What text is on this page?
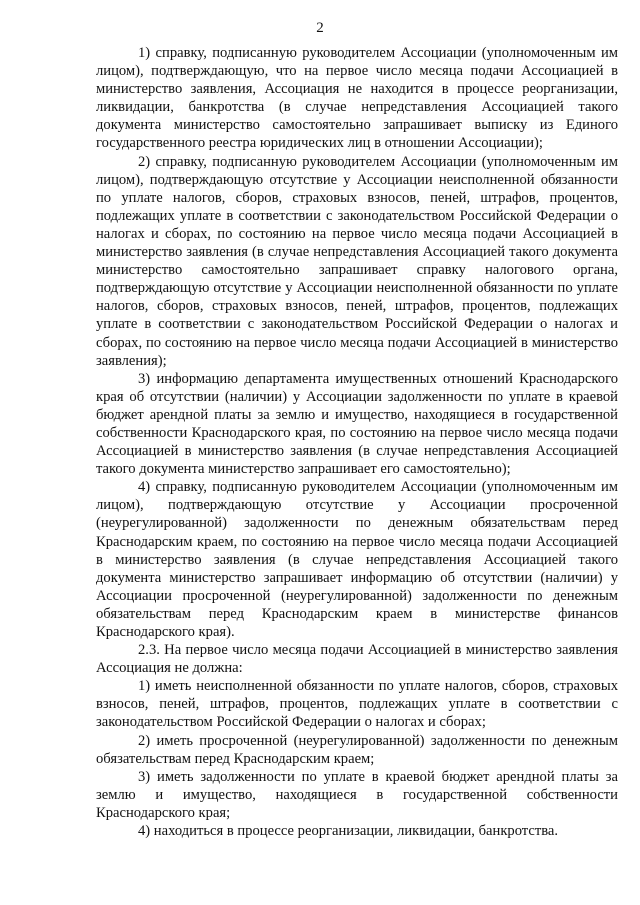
2

1) справку, подписанную руководителем Ассоциации (уполномоченным им лицом), подтверждающую, что на первое число месяца подачи Ассоциацией в министерство заявления, Ассоциация не находится в процессе реорганизации, ликвидации, банкротства (в случае непредставления Ассоциацией такого документа министерство самостоятельно запрашивает выписку из Единого государственного реестра юридических лиц в отношении Ассоциации);

2) справку, подписанную руководителем Ассоциации (уполномоченным им лицом), подтверждающую отсутствие у Ассоциации неисполненной обязанности по уплате налогов, сборов, страховых взносов, пеней, штрафов, процентов, подлежащих уплате в соответствии с законодательством Российской Федерации о налогах и сборах, по состоянию на первое число месяца подачи Ассоциацией в министерство заявления (в случае непредставления Ассоциацией такого документа министерство самостоятельно запрашивает справку налогового органа, подтверждающую отсутствие у Ассоциации неисполненной обязанности по уплате налогов, сборов, страховых взносов, пеней, штрафов, процентов, подлежащих уплате в соответствии с законодательством Российской Федерации о налогах и сборах, по состоянию на первое число месяца подачи Ассоциацией в министерство заявления);

3) информацию департамента имущественных отношений Краснодарского края об отсутствии (наличии) у Ассоциации задолженности по уплате в краевой бюджет арендной платы за землю и имущество, находящиеся в государственной собственности Краснодарского края, по состоянию на первое число месяца подачи Ассоциацией в министерство заявления (в случае непредставления Ассоциацией такого документа министерство запрашивает его самостоятельно);

4) справку, подписанную руководителем Ассоциации (уполномоченным им лицом), подтверждающую отсутствие у Ассоциации просроченной (неурегулированной) задолженности по денежным обязательствам перед Краснодарским краем, по состоянию на первое число месяца подачи Ассоциацией в министерство заявления (в случае непредставления Ассоциацией такого документа министерство запрашивает информацию об отсутствии (наличии) у Ассоциации просроченной (неурегулированной) задолженности по денежным обязательствам перед Краснодарским краем в министерстве финансов Краснодарского края).

2.3. На первое число месяца подачи Ассоциацией в министерство заявления Ассоциация не должна:

1) иметь неисполненной обязанности по уплате налогов, сборов, страховых взносов, пеней, штрафов, процентов, подлежащих уплате в соответствии с законодательством Российской Федерации о налогах и сборах;

2) иметь просроченной (неурегулированной) задолженности по денежным обязательствам перед Краснодарским краем;

3) иметь задолженности по уплате в краевой бюджет арендной платы за землю и имущество, находящиеся в государственной собственности Краснодарского края;

4) находиться в процессе реорганизации, ликвидации, банкротства.
